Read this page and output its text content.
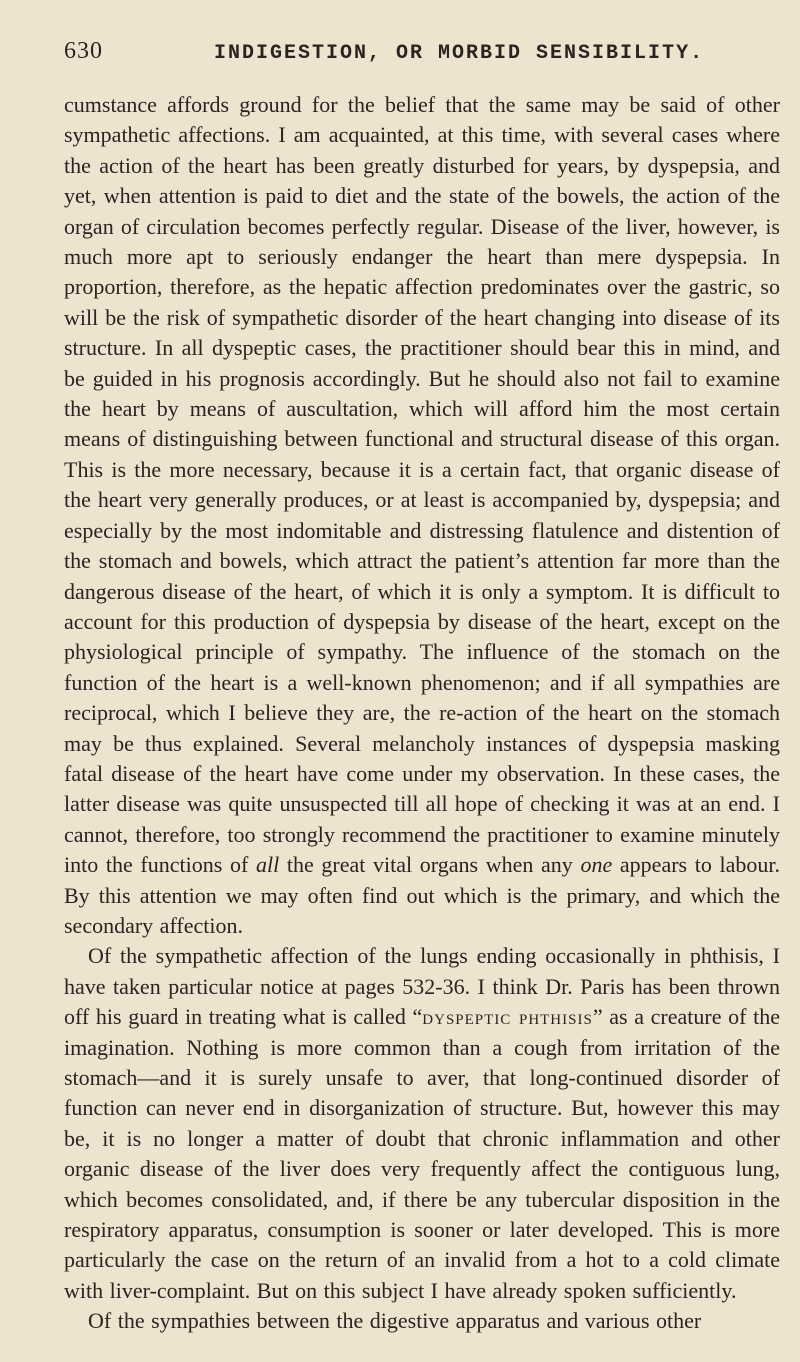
630	INDIGESTION, OR MORBID SENSIBILITY.

cumstance affords ground for the belief that the same may be said of other sympathetic affections. I am acquainted, at this time, with several cases where the action of the heart has been greatly disturbed for years, by dyspepsia, and yet, when attention is paid to diet and the state of the bowels, the action of the organ of circulation becomes perfectly regular. Disease of the liver, however, is much more apt to seriously endanger the heart than mere dyspepsia. In proportion, therefore, as the hepatic affection predominates over the gastric, so will be the risk of sympathetic disorder of the heart changing into disease of its structure. In all dyspeptic cases, the practitioner should bear this in mind, and be guided in his prognosis accordingly. But he should also not fail to examine the heart by means of auscultation, which will afford him the most certain means of distinguishing between functional and structural disease of this organ. This is the more necessary, because it is a certain fact, that organic disease of the heart very generally produces, or at least is accompanied by, dyspepsia; and especially by the most indomitable and distressing flatulence and distention of the stomach and bowels, which attract the patient’s attention far more than the dangerous disease of the heart, of which it is only a symptom. It is difficult to account for this production of dyspepsia by disease of the heart, except on the physiological principle of sympathy. The influence of the stomach on the function of the heart is a well-known phenomenon; and if all sympathies are reciprocal, which I believe they are, the re-action of the heart on the stomach may be thus explained. Several melancholy instances of dyspepsia masking fatal disease of the heart have come under my observation. In these cases, the latter disease was quite unsuspected till all hope of checking it was at an end. I cannot, therefore, too strongly recommend the practitioner to examine minutely into the functions of all the great vital organs when any one appears to labour. By this attention we may often find out which is the primary, and which the secondary affection.

Of the sympathetic affection of the lungs ending occasionally in phthisis, I have taken particular notice at pages 532-36. I think Dr. Paris has been thrown off his guard in treating what is called “dyspeptic phthisis” as a creature of the imagination. Nothing is more common than a cough from irritation of the stomach—and it is surely unsafe to aver, that long-continued disorder of function can never end in disorganization of structure. But, however this may be, it is no longer a matter of doubt that chronic inflammation and other organic disease of the liver does very frequently affect the contiguous lung, which becomes consolidated, and, if there be any tubercular disposition in the respiratory apparatus, consumption is sooner or later developed. This is more particularly the case on the return of an invalid from a hot to a cold climate with liver-complaint. But on this subject I have already spoken sufficiently.

Of the sympathies between the digestive apparatus and various other
